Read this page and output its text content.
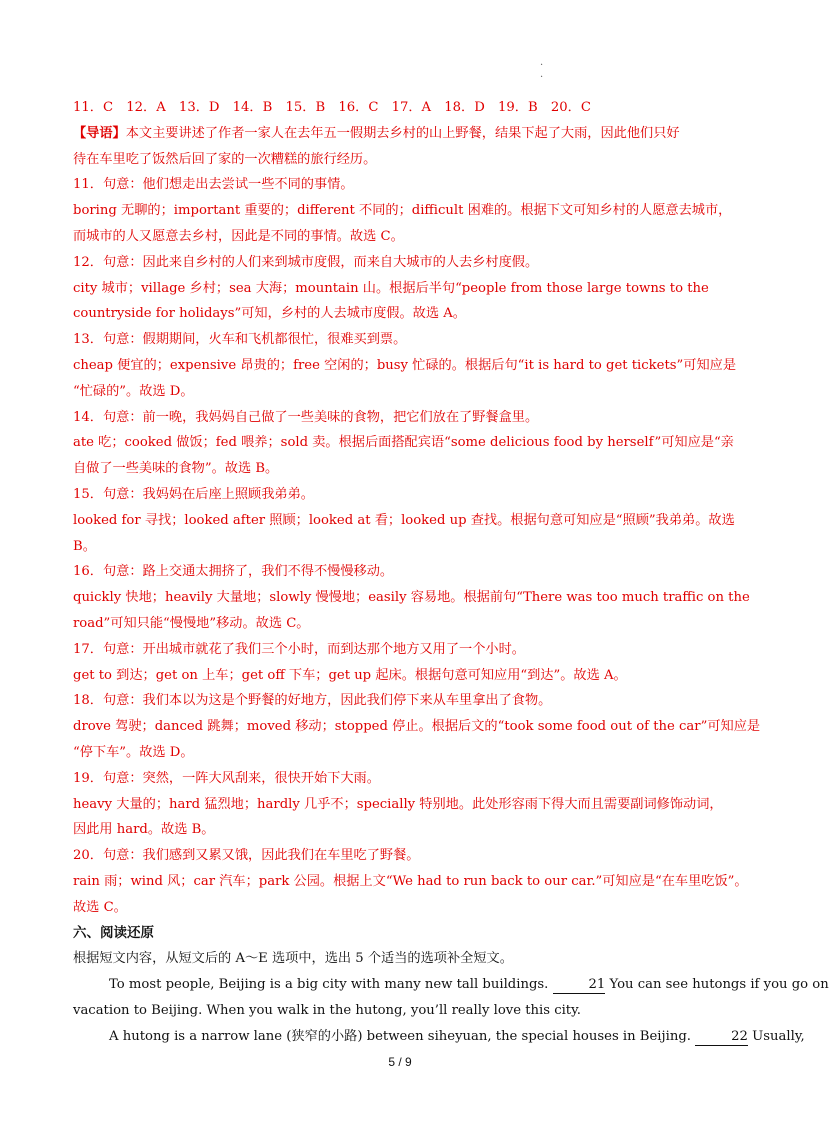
·
·
11．C　12．A　13．D　14．B　15．B　16．C　17．A　18．D　19．B　20．C
【导语】本文主要讲述了作者一家人在去年五一假期去乡村的山上野餐，结果下起了大雨，因此他们只好
待在车里吃了饭然后回了家的一次糟糕的旅行经历。
11．句意：他们想走出去尝试一些不同的事情。
boring 无聊的；important 重要的；different 不同的；difficult 困难的。根据下文可知乡村的人愿意去城市，
而城市的人又愿意去乡村，因此是不同的事情。故选 C。
12．句意：因此来自乡村的人们来到城市度假，而来自大城市的人去乡村度假。
city 城市；village 乡村；sea 大海；mountain 山。根据后半句“people from those large towns to the
countryside for holidays”可知，乡村的人去城市度假。故选 A。
13．句意：假期期间，火车和飞机都很忙，很难买到票。
cheap 便宜的；expensive 昂贵的；free 空闲的；busy 忙碌的。根据后句“it is hard to get tickets”可知应是
“忙碌的”。故选 D。
14．句意：前一晚，我妈妈自己做了一些美味的食物，把它们放在了野餐盒里。
ate 吃；cooked 做饭；fed 喂养；sold 卖。根据后面搭配宾语“some delicious food by herself”可知应是“亲
自做了一些美味的食物”。故选 B。
15．句意：我妈妈在后座上照顾我弟弟。
looked for 寻找；looked after 照顾；looked at 看；looked up 查找。根据句意可知应是“照顾”我弟弟。故选
B。
16．句意：路上交通太拥挤了，我们不得不慢慢移动。
quickly 快地；heavily 大量地；slowly 慢慢地；easily 容易地。根据前句“There was too much traffic on the
road”可知只能“慢慢地”移动。故选 C。
17．句意：开出城市就花了我们三个小时，而到达那个地方又用了一个小时。
get to 到达；get on 上车；get off 下车；get up 起床。根据句意可知应用“到达”。故选 A。
18．句意：我们本以为这是个野餐的好地方，因此我们停下来从车里拿出了食物。
drove 驾驶；danced 跳舞；moved 移动；stopped 停止。根据后文的“took some food out of the car”可知应是
“停下车”。故选 D。
19．句意：突然，一阵大风刮来，很快开始下大雨。
heavy 大量的；hard 猛烈地；hardly 几乎不；specially 特别地。此处形容雨下得大而且需要副词修饰动词，
因此用 hard。故选 B。
20．句意：我们感到又累又饿，因此我们在车里吃了野餐。
rain 雨；wind 风；car 汽车；park 公园。根据上文“We had to run back to our car.”可知应是“在车里吃饭”。
故选 C。
六、阅读还原
根据短文内容，从短文后的 A～E 选项中，选出 5 个适当的选项补全短文。
To most people, Beijing is a big city with many new tall buildings.	21 You can see hutongs if you go on
vacation to Beijing. When you walk in the hutong, you’ll really love this city.
A hutong is a narrow lane (狭窄的小路) between siheyuan, the special houses in Beijing.	22 Usually,
5 / 9
